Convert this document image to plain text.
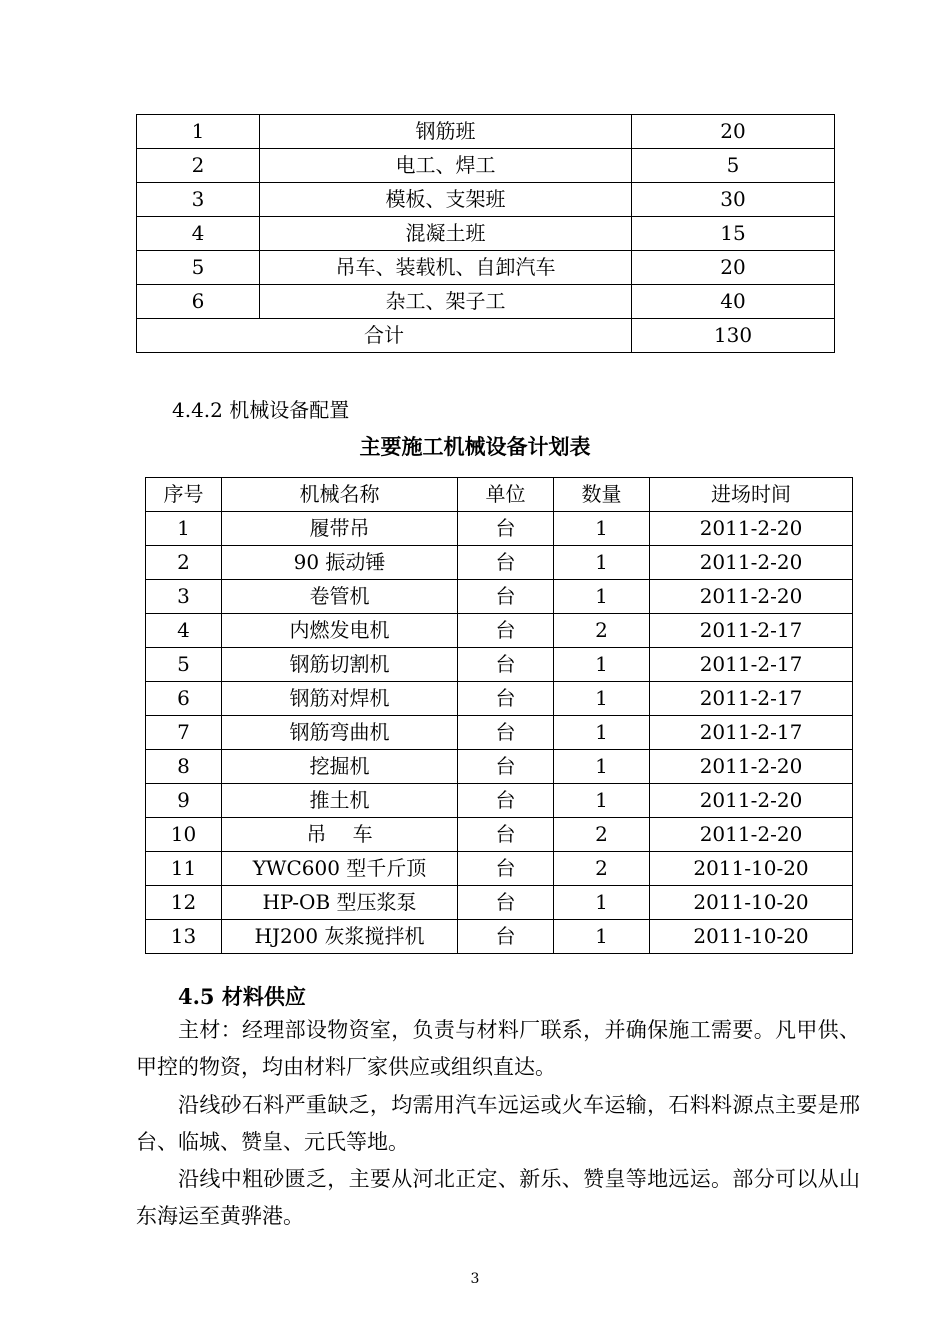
1	钢筋班	20
2	电工、焊工	5
3	模板、支架班	30
4	混凝土班	15
5	吊车、装载机、自卸汽车	20
6	杂工、架子工	40
合计		130
4.4.2 机械设备配置
主要施工机械设备计划表
序号	机械名称	单位	数量	进场时间
1	履带吊	台	1	2011-2-20
2	90 振动锤	台	1	2011-2-20
3	卷管机	台	1	2011-2-20
4	内燃发电机	台	2	2011-2-17
5	钢筋切割机	台	1	2011-2-17
6	钢筋对焊机	台	1	2011-2-17
7	钢筋弯曲机	台	1	2011-2-17
8	挖掘机	台	1	2011-2-20
9	推土机	台	1	2011-2-20
10	吊　 车	台	2	2011-2-20
11	YWC600 型千斤顶	台	2	2011-10-20
12	HP-OB 型压浆泵	台	1	2011-10-20
13	HJ200 灰浆搅拌机	台	1	2011-10-20
4.5 材料供应

主材：经理部设物资室，负责与材料厂联系，并确保施工需要。凡甲供、甲控的物资，均由材料厂家供应或组织直达。

沿线砂石料严重缺乏，均需用汽车远运或火车运输，石料料源点主要是邢台、临城、赞皇、元氏等地。

沿线中粗砂匮乏，主要从河北正定、新乐、赞皇等地远运。部分可以从山东海运至黄骅港。

3
